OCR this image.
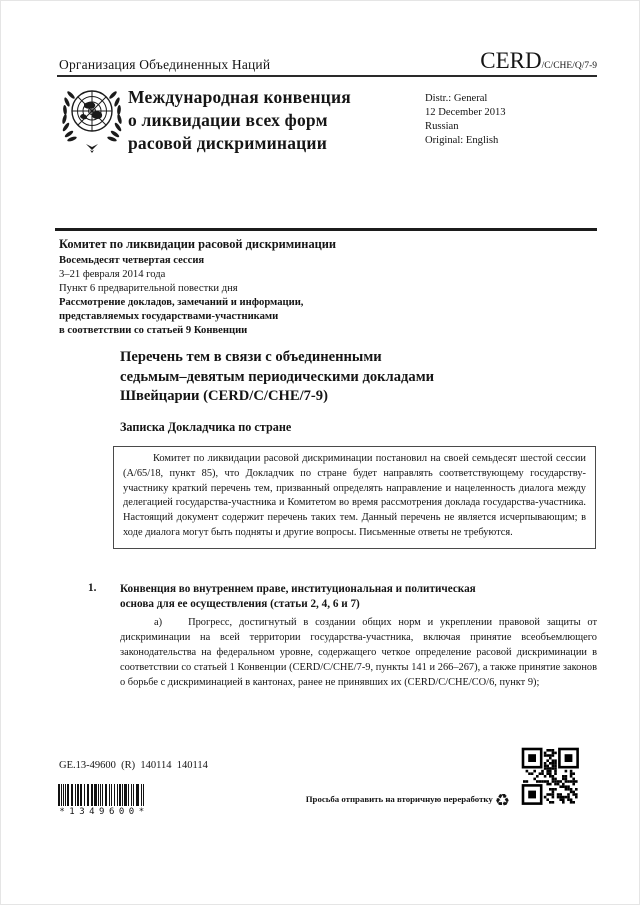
Организация Объединенных Наций	CERD/C/CHE/Q/7-9
Международная конвенция
о ликвидации всех форм
расовой дискриминации
Distr.: General
12 December 2013
Russian
Original: English
Комитет по ликвидации расовой дискриминации
Восемьдесят четвертая сессия
3–21 февраля 2014 года
Пункт 6 предварительной повестки дня
Рассмотрение докладов, замечаний и информации,
представляемых государствами-участниками
в соответствии со статьей 9 Конвенции
Перечень тем в связи с объединенными
седьмым–девятым периодическими докладами
Швейцарии (CERD/C/CHE/7-9)
Записка Докладчика по стране

Комитет по ликвидации расовой дискриминации постановил на своей семьдесят шестой сессии (A/65/18, пункт 85), что Докладчик по стране будет направлять соответствующему государству-участнику краткий перечень тем, призванный определять направление и нацеленность диалога между делегацией государства-участника и Комитетом во время рассмотрения доклада государства-участника. Настоящий документ содержит перечень таких тем. Данный перечень не является исчерпывающим; в ходе диалога могут быть подняты и другие вопросы. Письменные ответы не требуются.

1. Конвенция во внутреннем праве, институциональная и политическая
основа для ее осуществления (статьи 2, 4, 6 и 7)

а)	Прогресс, достигнутый в создании общих норм и укреплении правовой защиты от дискриминации на всей территории государства-участника, включая принятие всеобъемлющего законодательства на федеральном уровне, содержащего четкое определение расовой дискриминации в соответствии со статьей 1 Конвенции (CERD/C/CHE/7-9, пункты 141 и 266–267), а также принятие законов о борьбе с дискриминацией в кантонах, ранее не принявших их (CERD/C/CHE/CO/6, пункт 9);

GE.13-49600  (R)  140114  140114
*1349600*
Просьба отправить на вторичную переработку ♻
